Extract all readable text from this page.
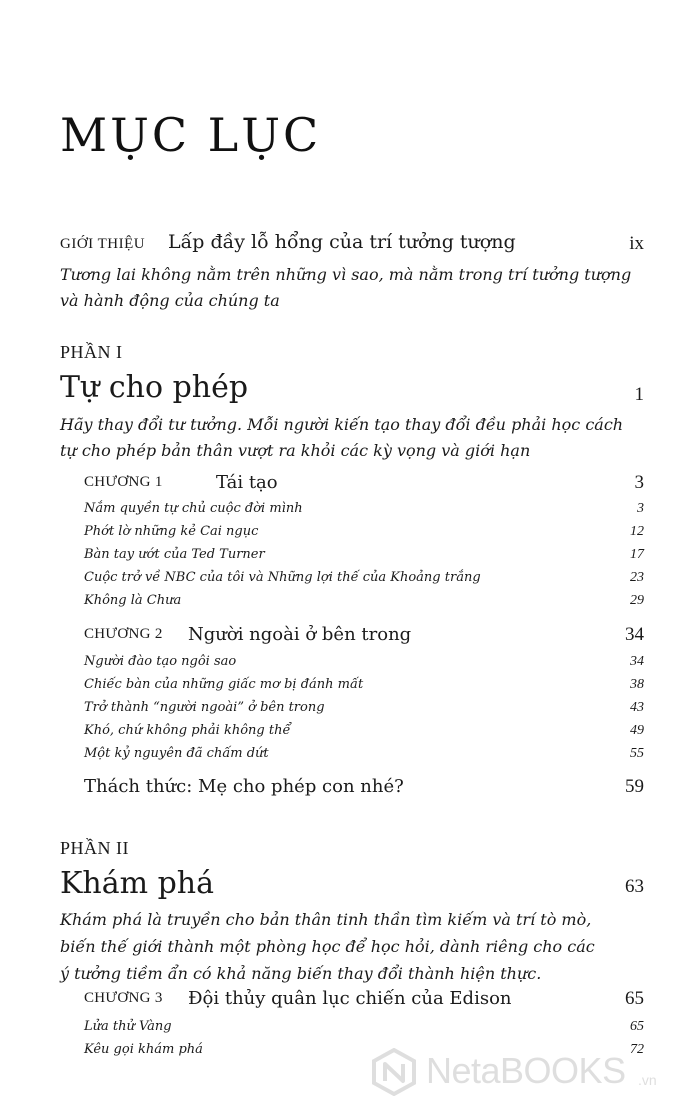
MỤC LỤC
GIỚI THIỆU Lấp đầy lỗ hổng của trí tưởng tượng	ix
Tương lai không nằm trên những vì sao, mà nằm trong trí tưởng tượng
và hành động của chúng ta
PHẦN I
Tự cho phép	1
Hãy thay đổi tư tưởng. Mỗi người kiến tạo thay đổi đều phải học cách
tự cho phép bản thân vượt ra khỏi các kỳ vọng và giới hạn
CHƯƠNG 1	Tái tạo	3
Nắm quyền tự chủ cuộc đời mình	3
Phớt lờ những kẻ Cai ngục	12
Bàn tay ướt của Ted Turner	17
Cuộc trở về NBC của tôi và Những lợi thế của Khoảng trắng	23
Không là Chưa	29
CHƯƠNG 2 Người ngoài ở bên trong	34
Người đào tạo ngôi sao	34
Chiếc bàn của những giấc mơ bị đánh mất	38
Trở thành “người ngoài” ở bên trong	43
Khó, chứ không phải không thể	49
Một kỷ nguyên đã chấm dứt	55
Thách thức: Mẹ cho phép con nhé?	59
PHẦN II
Khám phá	63
Khám phá là truyền cho bản thân tinh thần tìm kiếm và trí tò mò,
biến thế giới thành một phòng học để học hỏi, dành riêng cho các
ý tưởng tiềm ẩn có khả năng biến thay đổi thành hiện thực.
CHƯƠNG 3 Đội thủy quân lục chiến của Edison	65
Lửa thử Vàng	65
Kêu gọi khám phá	72
NetaBOOKS .vn
